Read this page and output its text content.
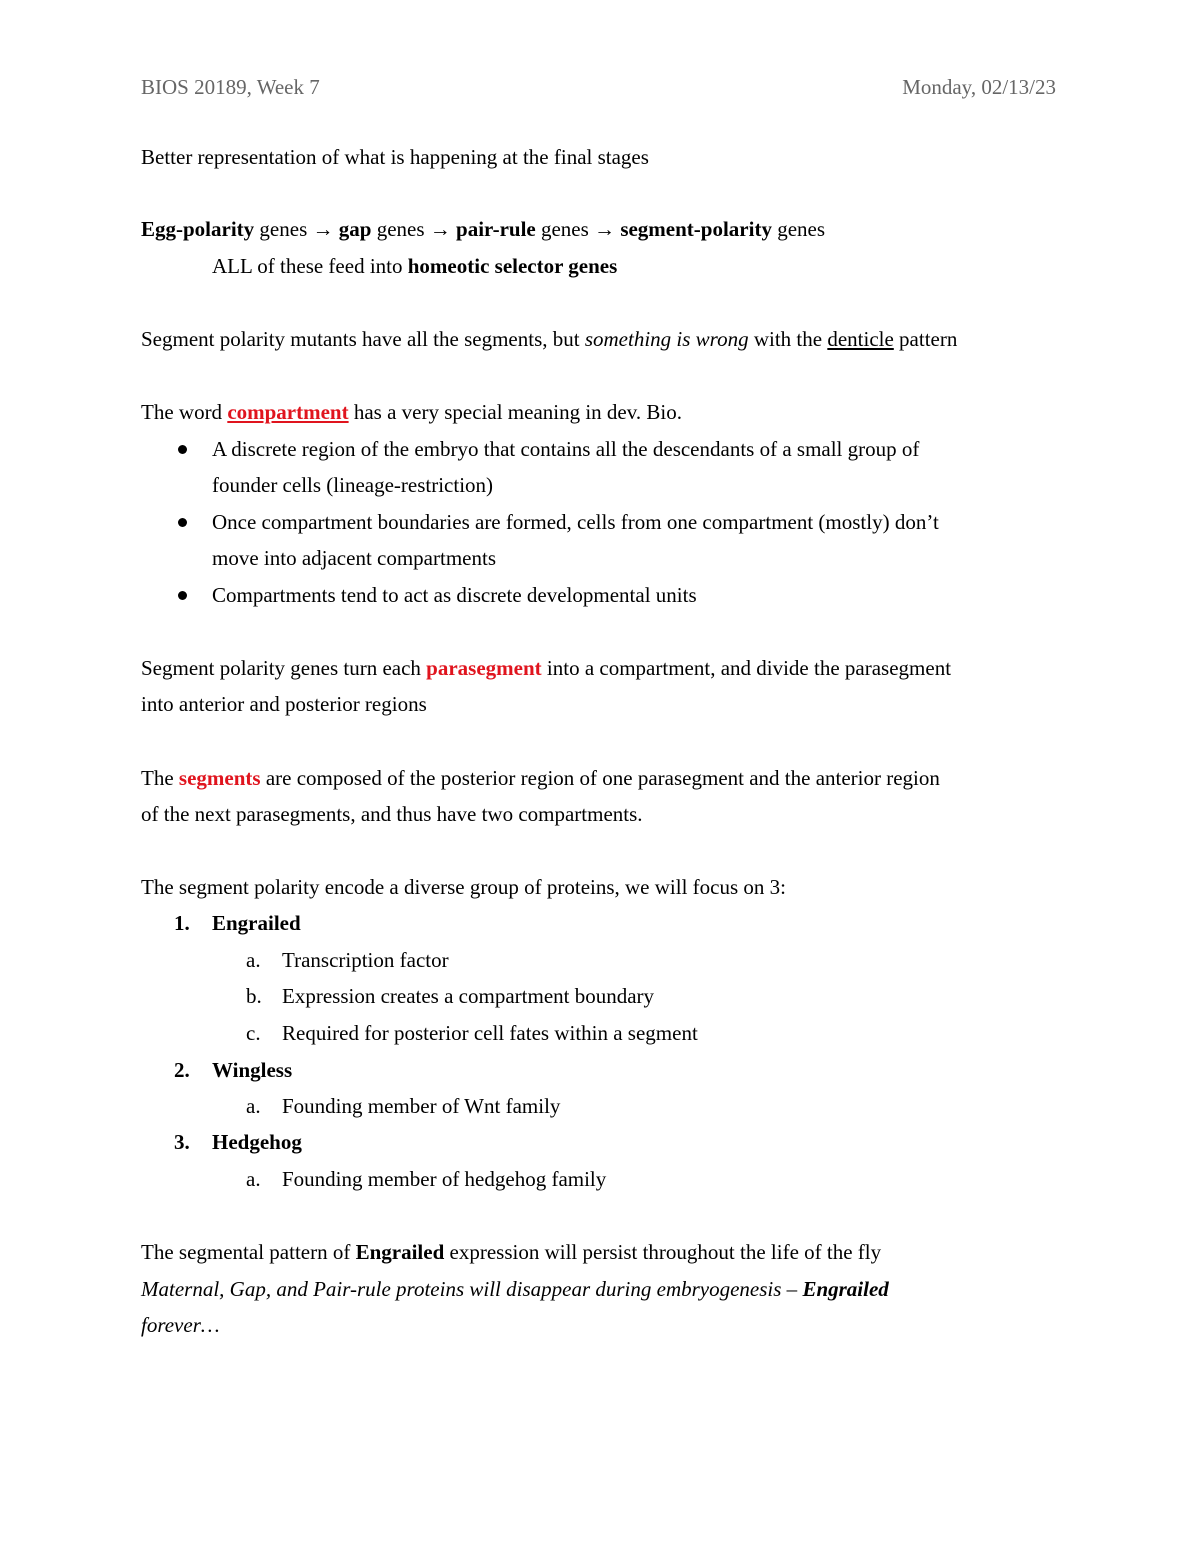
BIOS 20189, Week 7	Monday, 02/13/23
Better representation of what is happening at the final stages
Egg-polarity genes → gap genes → pair-rule genes → segment-polarity genes
ALL of these feed into homeotic selector genes
Segment polarity mutants have all the segments, but something is wrong with the denticle pattern
The word compartment has a very special meaning in dev. Bio.
A discrete region of the embryo that contains all the descendants of a small group of
founder cells (lineage-restriction)
Once compartment boundaries are formed, cells from one compartment (mostly) don’t
move into adjacent compartments
Compartments tend to act as discrete developmental units
Segment polarity genes turn each parasegment into a compartment, and divide the parasegment
into anterior and posterior regions
The segments are composed of the posterior region of one parasegment and the anterior region
of the next parasegments, and thus have two compartments.
The segment polarity encode a diverse group of proteins, we will focus on 3:
1. Engrailed
a. Transcription factor
b. Expression creates a compartment boundary
c. Required for posterior cell fates within a segment
2. Wingless
a. Founding member of Wnt family
3. Hedgehog
a. Founding member of hedgehog family
The segmental pattern of Engrailed expression will persist throughout the life of the fly
Maternal, Gap, and Pair-rule proteins will disappear during embryogenesis – Engrailed
forever…
